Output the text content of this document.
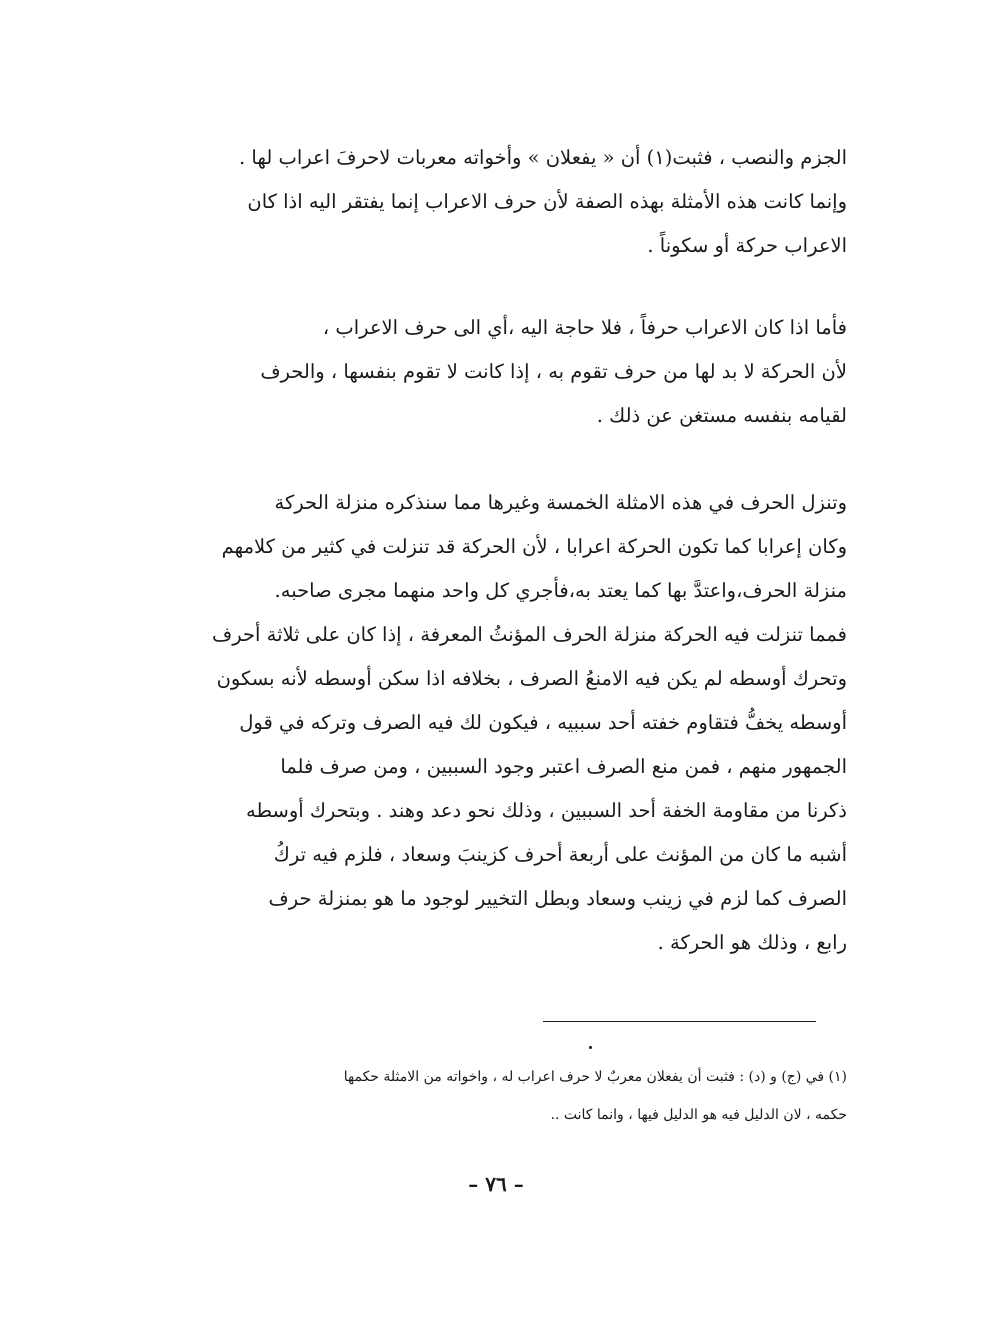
الجزم والنصب ، فثبت(١) أن « يفعلان » وأخواته معربات لاحرفَ اعراب لها .
وإنما كانت هذه الأمثلة بهذه الصفة لأن حرف الاعراب إنما يفتقر اليه اذا كان
الاعراب حركة أو سكوناً .
فأما اذا كان الاعراب حرفاً ، فلا حاجة اليه ،أي الى حرف الاعراب ،
لأن الحركة لا بد لها من حرف تقوم به ، إذا كانت لا تقوم بنفسها ، والحرف
لقيامه بنفسه مستغن عن ذلك .
وتنزل الحرف في هذه الامثلة الخمسة وغيرها مما سنذكره منزلة الحركة
وكان إعرابا كما تكون الحركة اعرابا ، لأن الحركة قد تنزلت في كثير من كلامهم
منزلة الحرف،واعتدَّ بها كما يعتد به،فأجري كل واحد منهما مجرى صاحبه.
فمما تنزلت فيه الحركة منزلة الحرف المؤنثُ المعرفة ، إذا كان على ثلاثة أحرف
وتحرك أوسطه لم يكن فيه الامنعُ الصرف ، بخلافه اذا سكن أوسطه لأنه بسكون
أوسطه يخفُّ فتقاوم خفته أحد سببيه ، فيكون لك فيه الصرف وتركه في قول
الجمهور منهم ، فمن منع الصرف اعتبر وجود السببين ، ومن صرف فلما
ذكرنا من مقاومة الخفة أحد السببين ، وذلك نحو دعد وهند . وبتحرك أوسطه
أشبه ما كان من المؤنث على أربعة أحرف كزينبَ وسعاد ، فلزم فيه تركُ
الصرف كما لزم في زينب وسعاد وبطل التخيير لوجود ما هو بمنزلة حرف
رابع ، وذلك هو الحركة .
(١) في (ج) و (د) : فثبت أن يفعلان معربٌ لا حرف اعراب له ، واخواته من الامثلة حكمها
حكمه ، لان الدليل فيه هو الدليل فيها ، وانما كانت ..
– ٧٦ –
